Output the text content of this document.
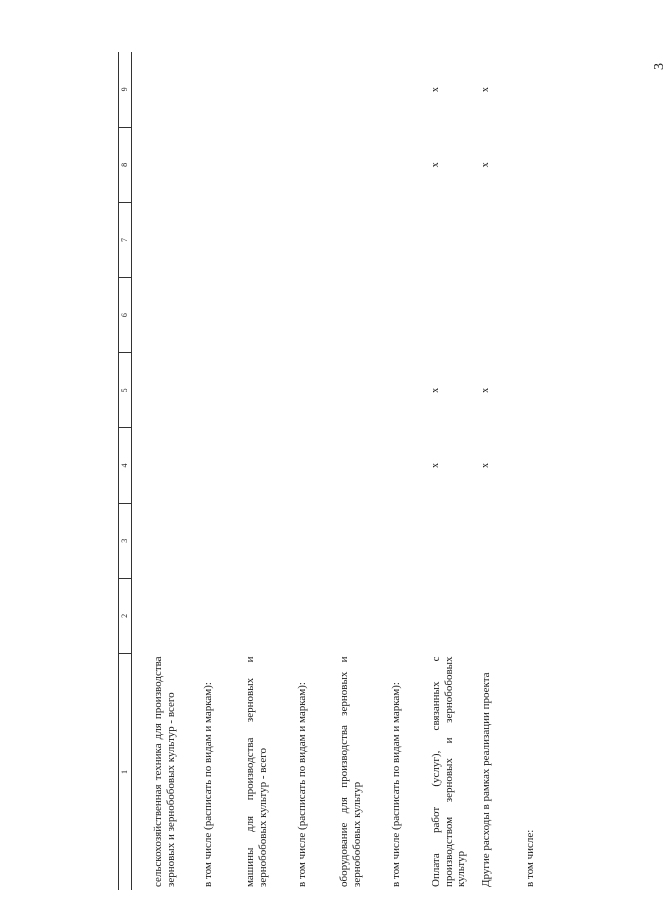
3
1	2	3	4	5	6	7	8	9
сельскохозяйственная техника для производства зерновых и зернобобовых культур - всего								
в том числе (расписать по видам и маркам):								
машины для производства зерновых и зернобобовых культур - всего								
в том числе (расписать по видам и маркам):								
оборудование для производства зерновых и зернобобовых культур								
в том числе (расписать по видам и маркам):								
Оплата работ (услуг), связанных с производством зерновых и зернобобовых культур			x	x			x	x
Другие расходы в рамках реализации проекта			x	x			x	x
в том числе:								
